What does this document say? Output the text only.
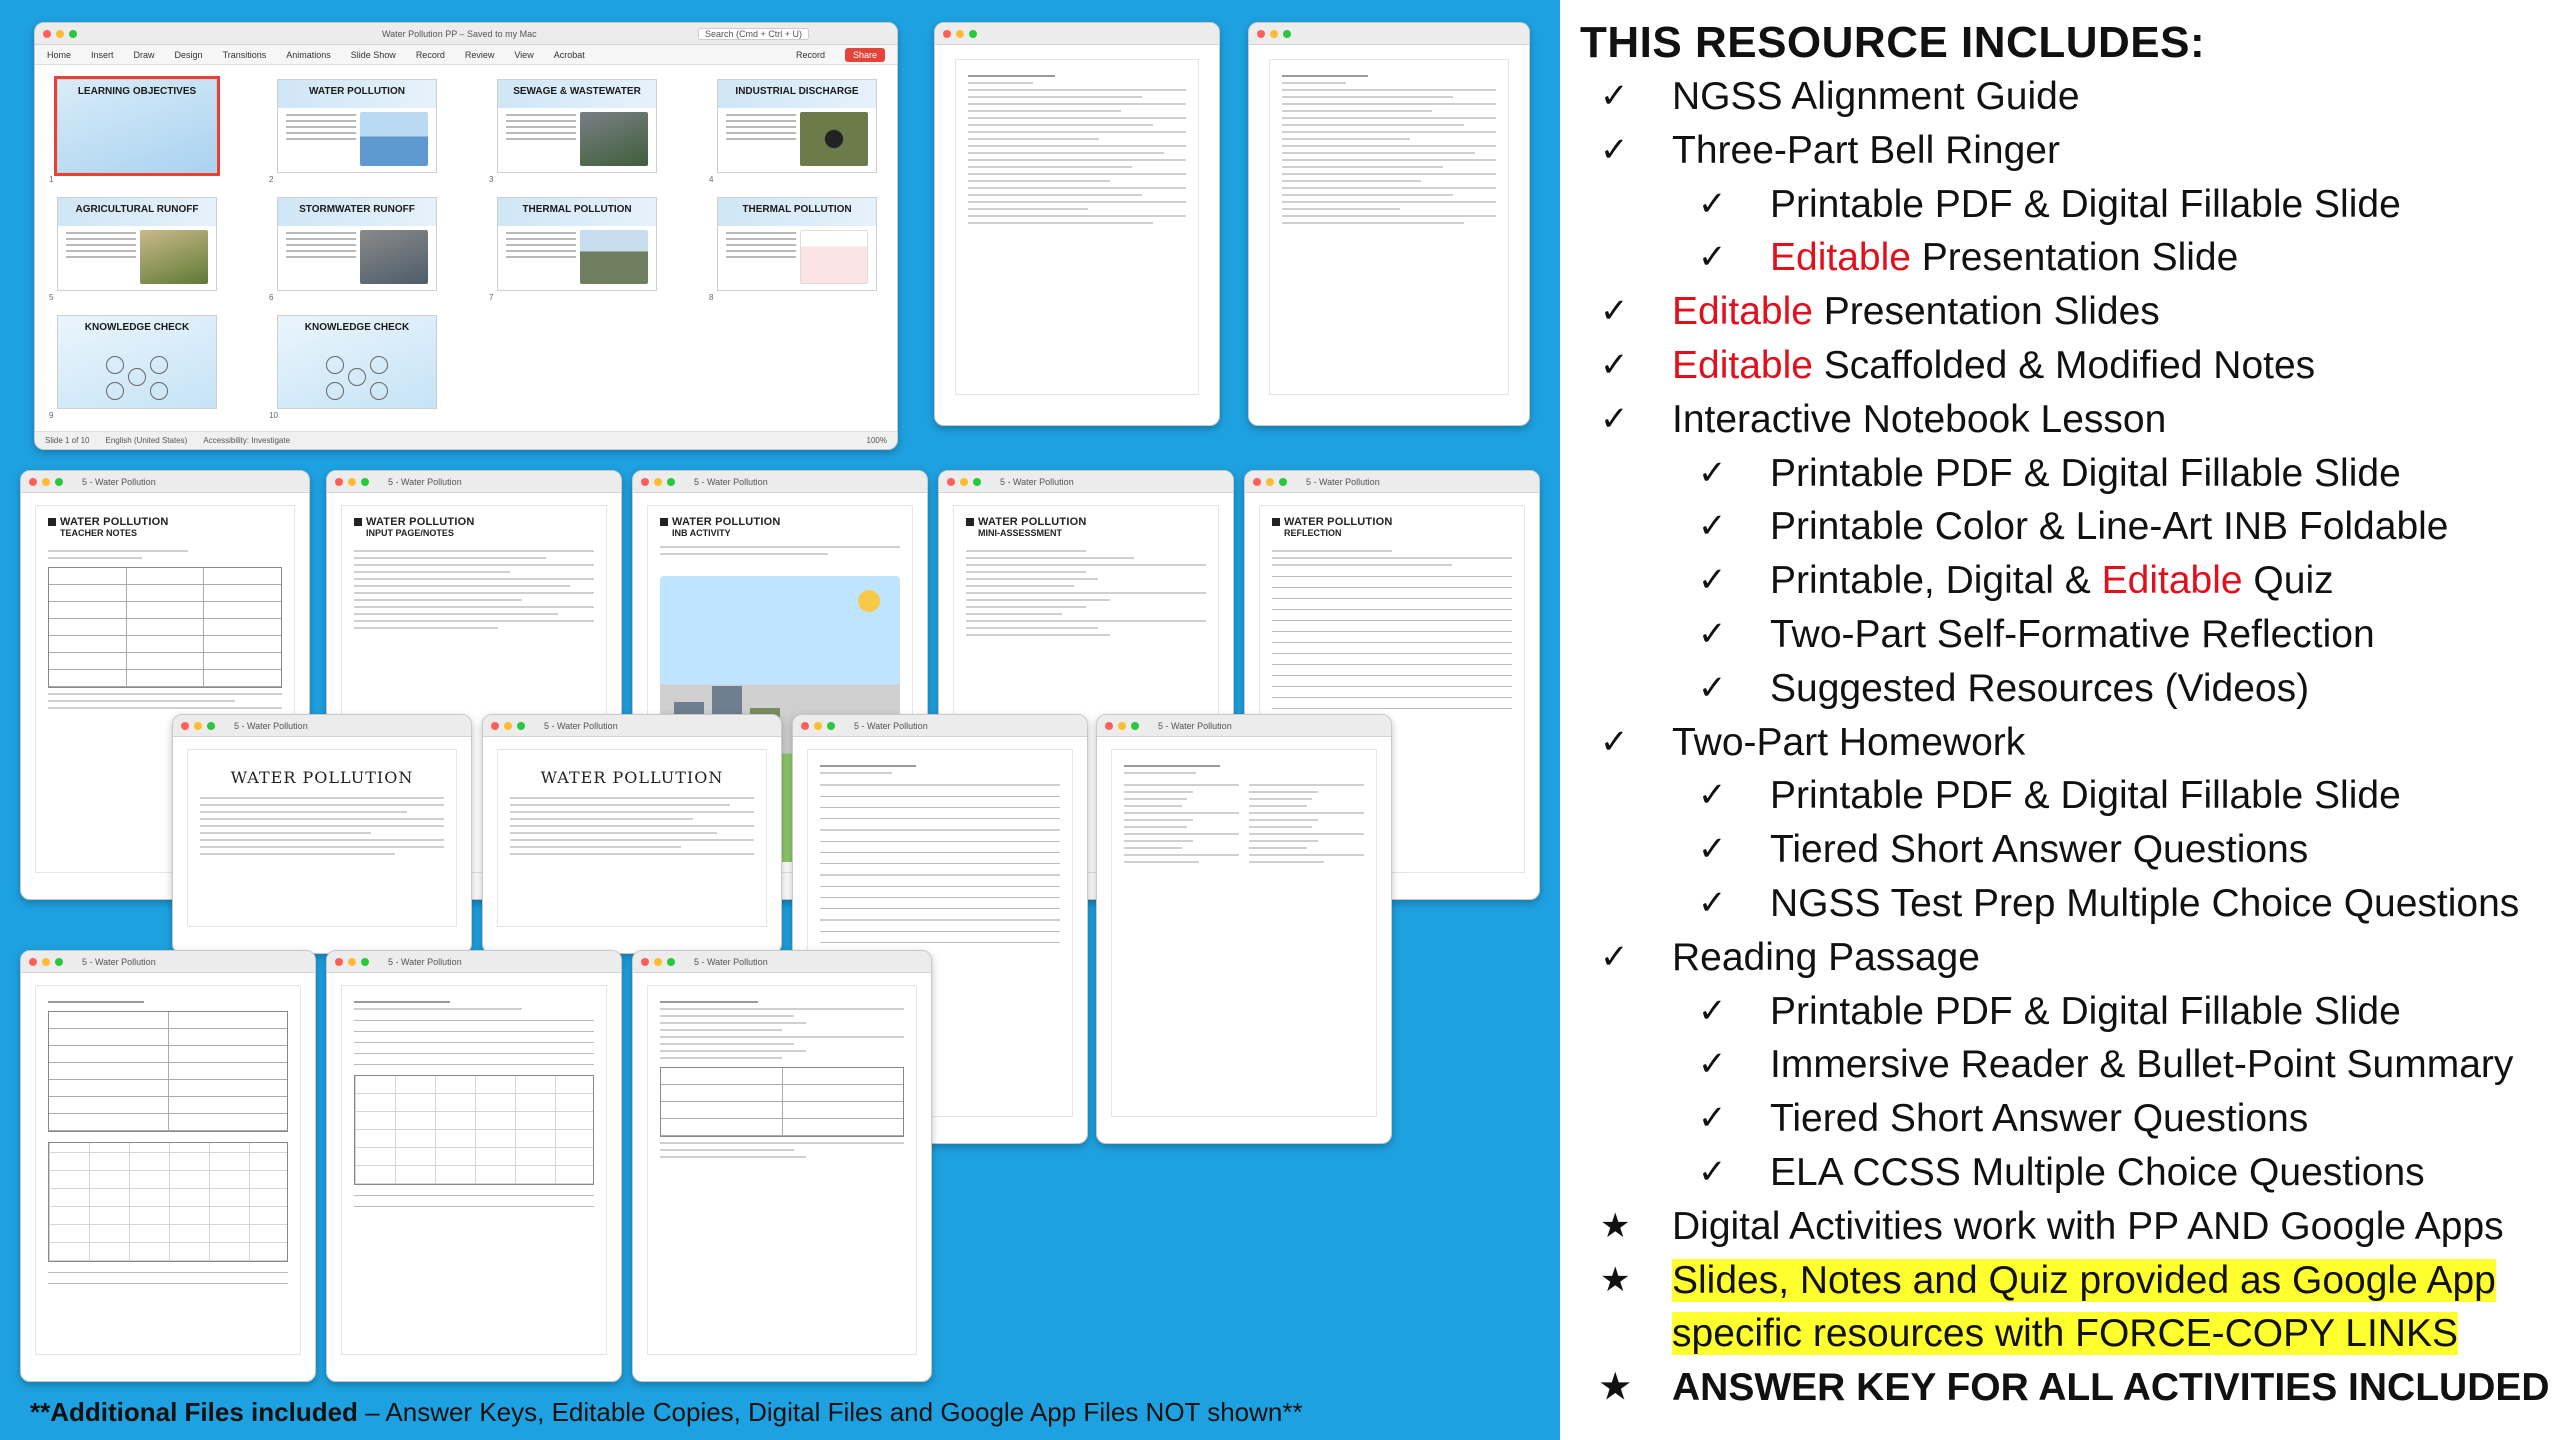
Water Pollution PP – Saved to my Mac	Search (Cmd + Ctrl + U)
Home Insert Draw Design Transitions Animations Slide Show Record Review View Acrobat	Record	Share
LEARNING OBJECTIVES	WATER POLLUTION	SEWAGE & WASTEWATER	INDUSTRIAL DISCHARGE
AGRICULTURAL RUNOFF	STORMWATER RUNOFF	THERMAL POLLUTION	THERMAL POLLUTION
KNOWLEDGE CHECK	KNOWLEDGE CHECK
1	2	3	4
5	6	7	8
9	10
Slide 1 of 10 English (United States) Accessibility: Investigate	100%
5 - Water Pollution
WATER POLLUTION
TEACHER NOTES
5 - Water Pollution
WATER POLLUTION
INPUT PAGE/NOTES
5 - Water Pollution
WATER POLLUTION
INB ACTIVITY
5 - Water Pollution
WATER POLLUTION
MINI-ASSESSMENT
5 - Water Pollution
WATER POLLUTION
REFLECTION
5 - Water Pollution
WATER POLLUTION
5 - Water Pollution
WATER POLLUTION
5 - Water Pollution	5 - Water Pollution
5 - Water Pollution	5 - Water Pollution	5 - Water Pollution
**Additional Files included – Answer Keys, Editable Copies, Digital Files and Google App Files NOT shown**
THIS RESOURCE INCLUDES:
✓ NGSS Alignment Guide
✓ Three-Part Bell Ringer
✓ Printable PDF & Digital Fillable Slide
✓ Editable Presentation Slide
✓ Editable Presentation Slides
✓ Editable Scaffolded & Modified Notes
✓ Interactive Notebook Lesson
✓ Printable PDF & Digital Fillable Slide
✓ Printable Color & Line-Art INB Foldable
✓ Printable, Digital & Editable Quiz
✓ Two-Part Self-Formative Reflection
✓ Suggested Resources (Videos)
✓ Two-Part Homework
✓ Printable PDF & Digital Fillable Slide
✓ Tiered Short Answer Questions
✓ NGSS Test Prep Multiple Choice Questions
✓ Reading Passage
✓ Printable PDF & Digital Fillable Slide
✓ Immersive Reader & Bullet-Point Summary
✓ Tiered Short Answer Questions
✓ ELA CCSS Multiple Choice Questions
★ Digital Activities work with PP AND Google Apps
★ Slides, Notes and Quiz provided as Google App
specific resources with FORCE-COPY LINKS
★ ANSWER KEY FOR ALL ACTIVITIES INCLUDED
